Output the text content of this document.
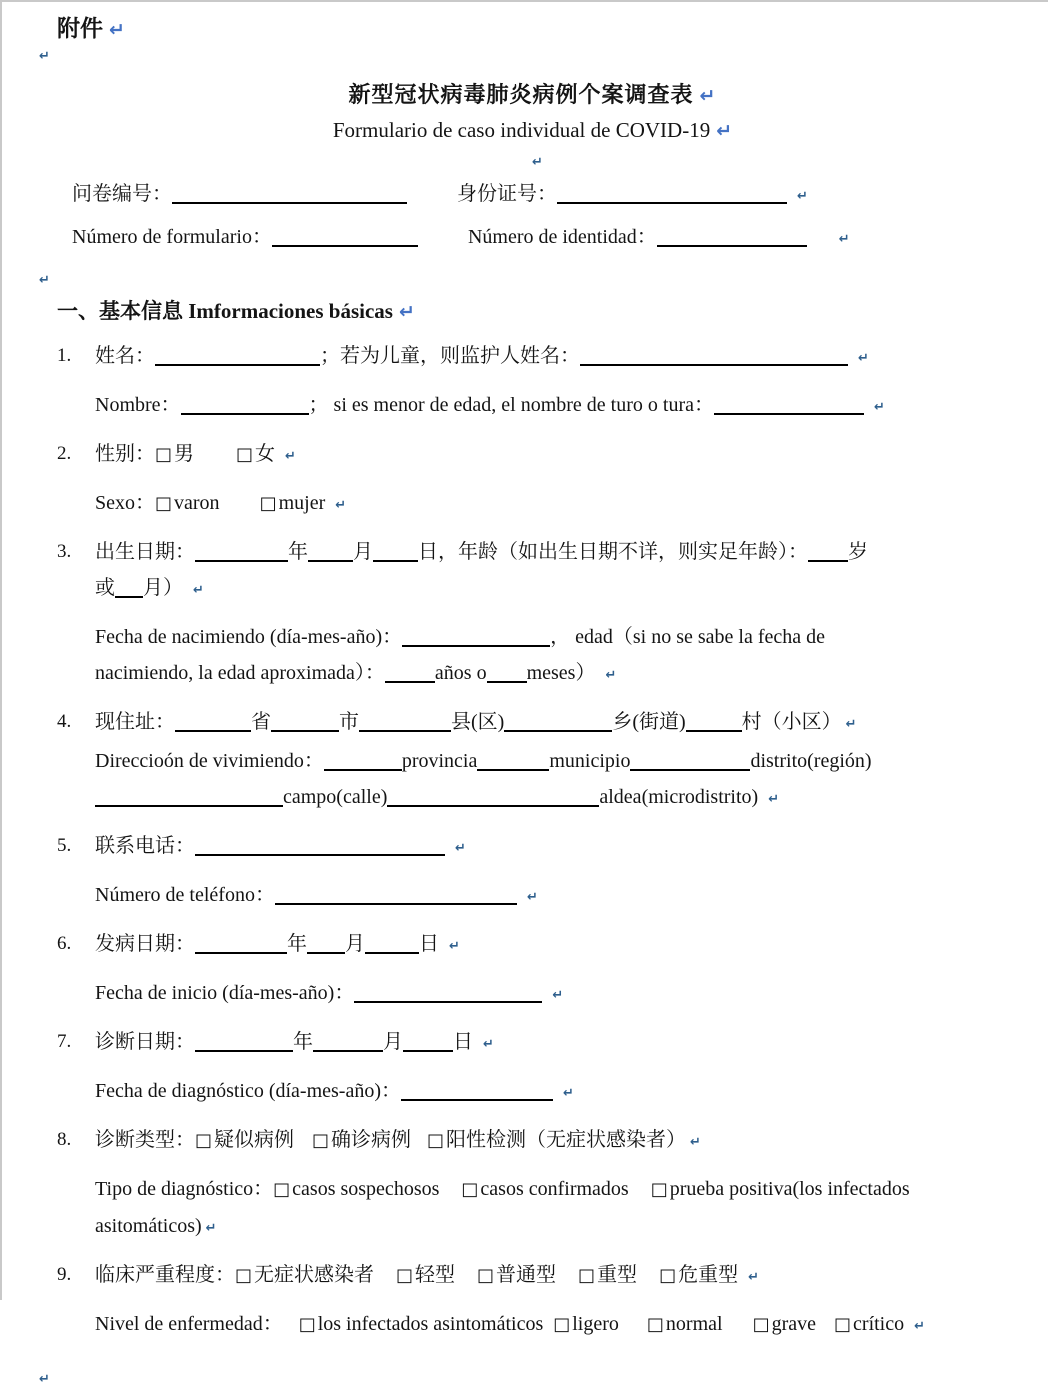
附件 ↵
↵
新型冠状病毒肺炎病例个案调查表 ↵
Formulario de caso individual de COVID-19 ↵
↵
问卷编号：	身份证号：	↵
Número de formulario：	Número de identidad：	↵
↵
一、基本信息 Imformaciones básicas ↵
1.	姓名：	；若为儿童，则监护人姓名：	↵
Nombre：	； si es menor de edad, el nombre de turo o tura：	↵
2.	性别：□ 男 □ 女 ↵
Sexo：□ varon □ mujer ↵
3.	出生日期：	年 月 日，年龄（如出生日期不详，则实足年龄）： 岁
或 月） ↵
Fecha de nacimiendo (día-mes-año)：	， edad（si no se sabe la fecha de
nacimiendo, la edad aproximada）：	años o meses） ↵
4.	现住址：	省	市	县(区)	乡(街道)	村（小区） ↵
Direccioón de vivimiendo：	provincia	municipio	distrito(región)
campo(calle)	aldea(microdistrito) ↵
5.	联系电话：	↵
Número de teléfono：	↵
6.	发病日期：	年 月	日 ↵
Fecha de inicio (día-mes-año)：	↵
7.	诊断日期：	年	月	日 ↵
Fecha de diagnóstico (día-mes-año)：	↵
8.	诊断类型：□ 疑似病例 □ 确诊病例 □ 阳性检测（无症状感染者） ↵
Tipo de diagnóstico：□ casos sospechosos □ casos confirmados □ prueba positiva(los infectados
asitomáticos) ↵
9.	临床严重程度：□ 无症状感染者 □ 轻型 □ 普通型 □ 重型 □ 危重型 ↵
Nivel de enfermedad： □ los infectados asintomáticos □ ligero □ normal □ grave □ crítico ↵
↵
